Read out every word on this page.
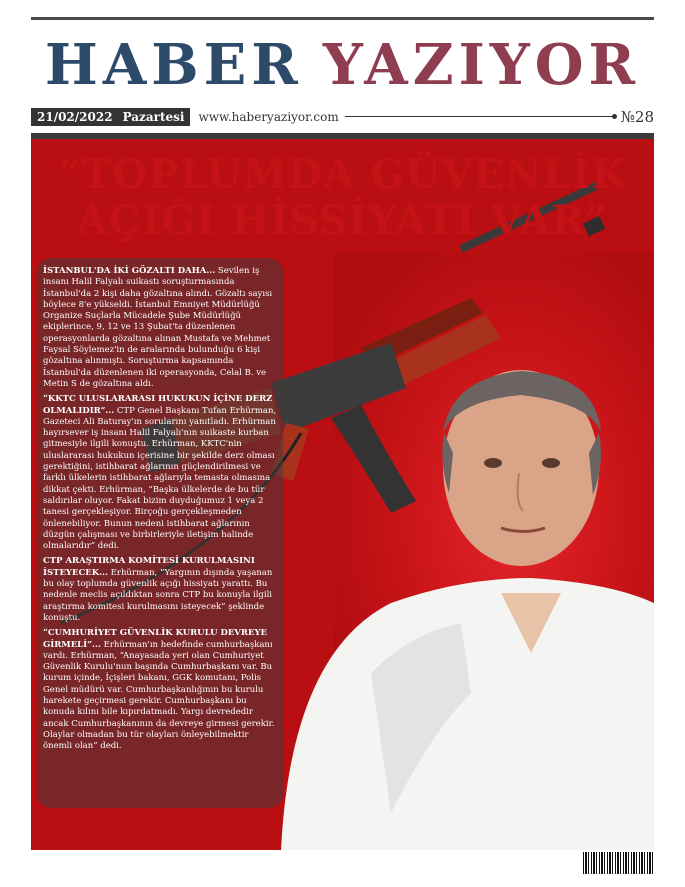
HABER YAZIYOR
21/02/2022 Pazartesi www.haberyaziyor.com	№28
“TOPLUMDA GÜVENLİK
AÇIĞI HİSSİYATI VAR”

İSTANBUL'DA İKİ GÖZALTI DAHA... Sevilen iş insanı Halil Falyalı suikastı soruşturmasında İstanbul'da 2 kişi daha gözaltına alındı. Gözaltı sayısı böylece 8'e yükseldi. İstanbul Emniyet Müdürlüğü Organize Suçlarla Mücadele Şube Müdürlüğü ekiplerince, 9, 12 ve 13 Şubat'ta düzenlenen operasyonlarda gözaltına alınan Mustafa ve Mehmet Faysal Söylemez'in de aralarında bulunduğu 6 kişi gözaltına alınmıştı. Soruşturma kapsamında İstanbul'da düzenlenen iki operasyonda, Celal B. ve Metin S de gözaltına aldı.

“KKTC ULUSLARARASI HUKUKUN İÇİNE DERZ OLMALIDIR”... CTP Genel Başkanı Tufan Erhürman, Gazeteci Ali Baturay'ın sorularını yanıtladı. Erhürman hayırsever iş insanı Halil Falyalı'nın suikaste kurban gitmesiyle ilgili konuştu. Erhürman, KKTC'nin uluslararası hukukun içerisine bir şekilde derz olması gerektiğini, istihbarat ağlarının güçlendirilmesi ve farklı ülkelerin istihbarat ağlarıyla temasta olmasına dikkat çekti. Erhürman, “Başka ülkelerde de bu tür saldırılar oluyor. Fakat bizim duyduğumuz 1 veya 2 tanesi gerçekleşiyor. Birçoğu gerçekleşmeden önlenebiliyor. Bunun nedeni istihbarat ağlarının düzgün çalışması ve birbirleriyle iletişim halinde olmalarıdır” dedi.

CTP ARAŞTIRMA KOMİTESİ KURULMASINI İSTEYECEK... Erhürman, “Yargının dışında yaşanan bu olay toplumda güvenlik açığı hissiyatı yarattı. Bu nedenle meclis açıldıktan sonra CTP bu konuyla ilgili araştırma komitesi kurulmasını isteyecek” şeklinde konuştu.

“CUMHURİYET GÜVENLİK KURULU DEVREYE GİRMELİ”... Erhürman'ın hedefinde cumhurbaşkanı vardı. Erhürman, “Anayasada yeri olan Cumhuriyet Güvenlik Kurulu'nun başında Cumhurbaşkanı var. Bu kurum içinde, İçişleri bakanı, GGK komutanı, Polis Genel müdürü var. Cumhurbaşkanlığının bu kurulu harekete geçirmesi gerekir. Cumhurbaşkanı bu konuda kılını bile kıpırdatmadı. Yargı devrededir ancak Cumhurbaşkanının da devreye girmesi gerekir. Olaylar olmadan bu tür olayları önleyebilmektir önemli olan” dedi.
